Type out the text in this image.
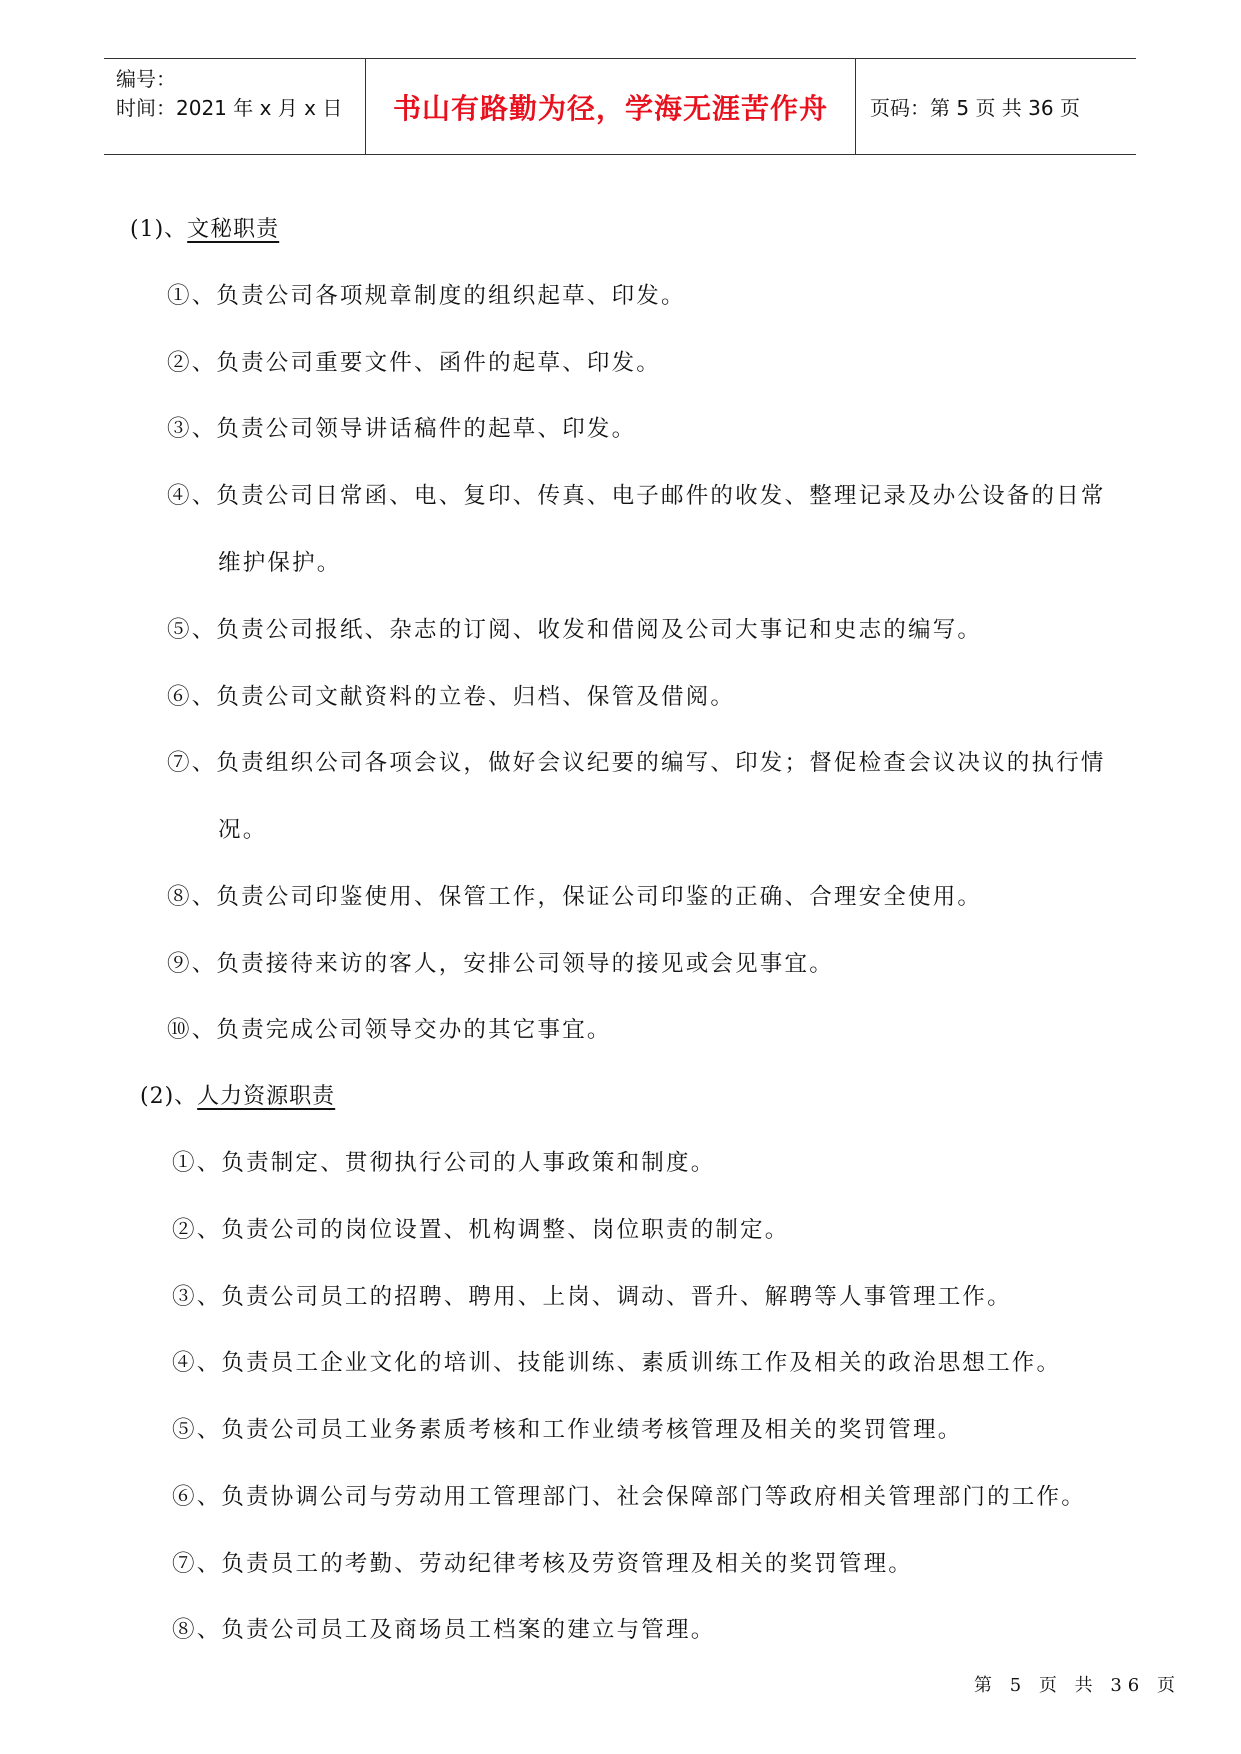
编号：
时间：2021 年 x 月 x 日 书山有路勤为径，学海无涯苦作舟 页码：第 5 页 共 36 页
(1)、文秘职责
①、负责公司各项规章制度的组织起草、印发。
②、负责公司重要文件、函件的起草、印发。
③、负责公司领导讲话稿件的起草、印发。
④、负责公司日常函、电、复印、传真、电子邮件的收发、整理记录及办公设备的日常
维护保护。
⑤、负责公司报纸、杂志的订阅、收发和借阅及公司大事记和史志的编写。
⑥、负责公司文献资料的立卷、归档、保管及借阅。
⑦、负责组织公司各项会议，做好会议纪要的编写、印发；督促检查会议决议的执行情
况。
⑧、负责公司印鉴使用、保管工作，保证公司印鉴的正确、合理安全使用。
⑨、负责接待来访的客人，安排公司领导的接见或会见事宜。
⑩、负责完成公司领导交办的其它事宜。
(2)、人力资源职责
①、负责制定、贯彻执行公司的人事政策和制度。
②、负责公司的岗位设置、机构调整、岗位职责的制定。
③、负责公司员工的招聘、聘用、上岗、调动、晋升、解聘等人事管理工作。
④、负责员工企业文化的培训、技能训练、素质训练工作及相关的政治思想工作。
⑤、负责公司员工业务素质考核和工作业绩考核管理及相关的奖罚管理。
⑥、负责协调公司与劳动用工管理部门、社会保障部门等政府相关管理部门的工作。
⑦、负责员工的考勤、劳动纪律考核及劳资管理及相关的奖罚管理。
⑧、负责公司员工及商场员工档案的建立与管理。
第 5 页 共 36 页
